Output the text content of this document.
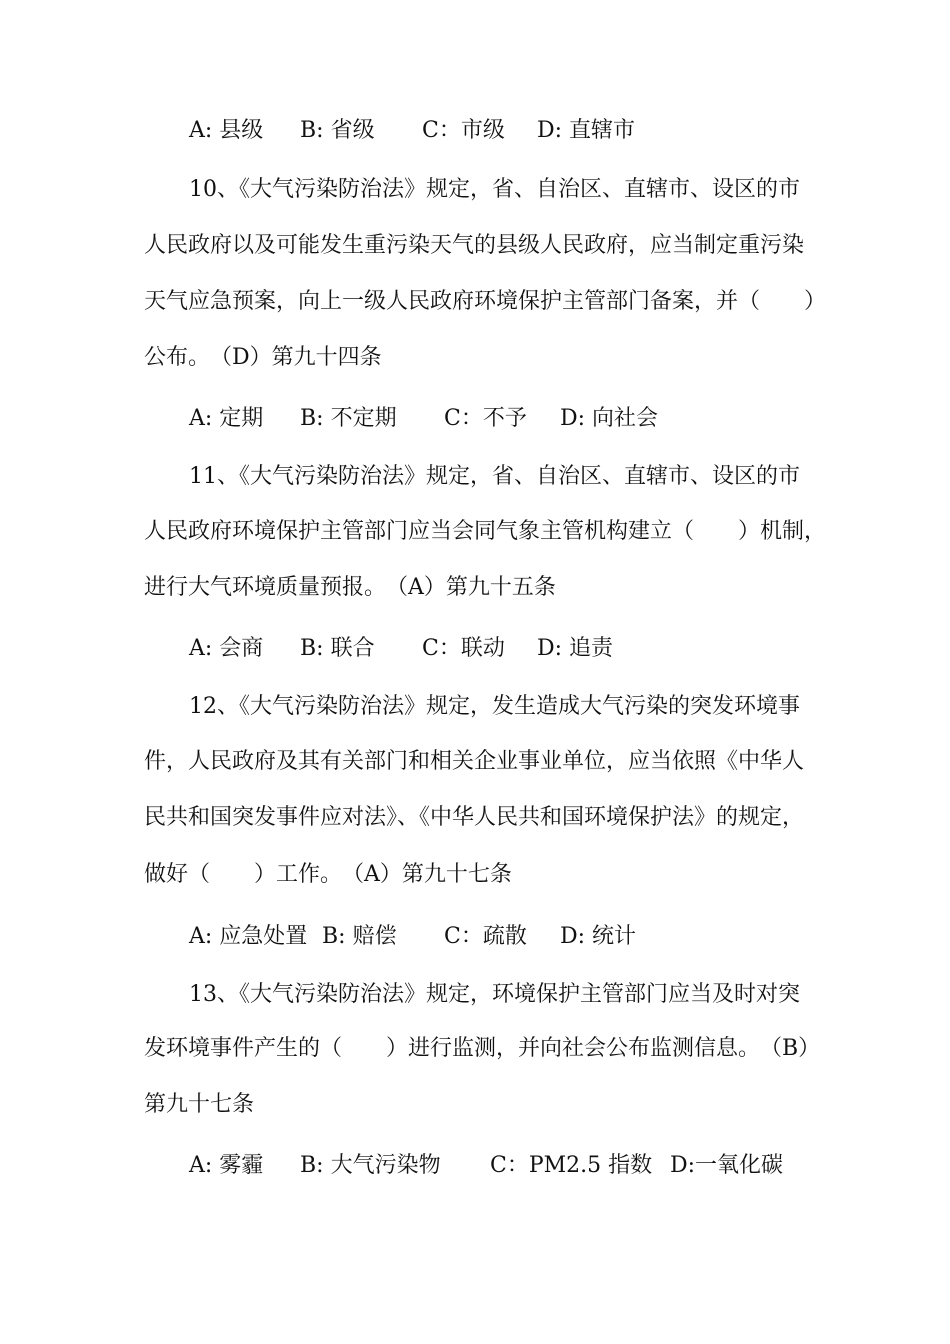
A: 县级 B: 省级 C：市级 D: 直辖市
10、《大气污染防治法》规定，省、自治区、直辖市、设区的市
人民政府以及可能发生重污染天气的县级人民政府，应当制定重污染
天气应急预案，向上一级人民政府环境保护主管部门备案，并（　　）
公布。　（D）第九十四条
A: 定期 B: 不定期 C：不予 D: 向社会
11、《大气污染防治法》规定，省、自治区、直辖市、设区的市
人民政府环境保护主管部门应当会同气象主管机构建立（　　）机制，
进行大气环境质量预报。　（A）第九十五条
A: 会商 B: 联合 C：联动 D: 追责
12、《大气污染防治法》规定，发生造成大气污染的突发环境事
件，人民政府及其有关部门和相关企业事业单位，应当依照《中华人
民共和国突发事件应对法》、《中华人民共和国环境保护法》的规定，
做好（　　）工作。　（A）第九十七条
A: 应急处置 B: 赔偿 C：疏散 D: 统计
13、《大气污染防治法》规定，环境保护主管部门应当及时对突
发环境事件产生的（　　）进行监测，并向社会公布监测信息。　（B）
第九十七条
A: 雾霾 B: 大气污染物 C：PM2.5 指数 D:一氧化碳
